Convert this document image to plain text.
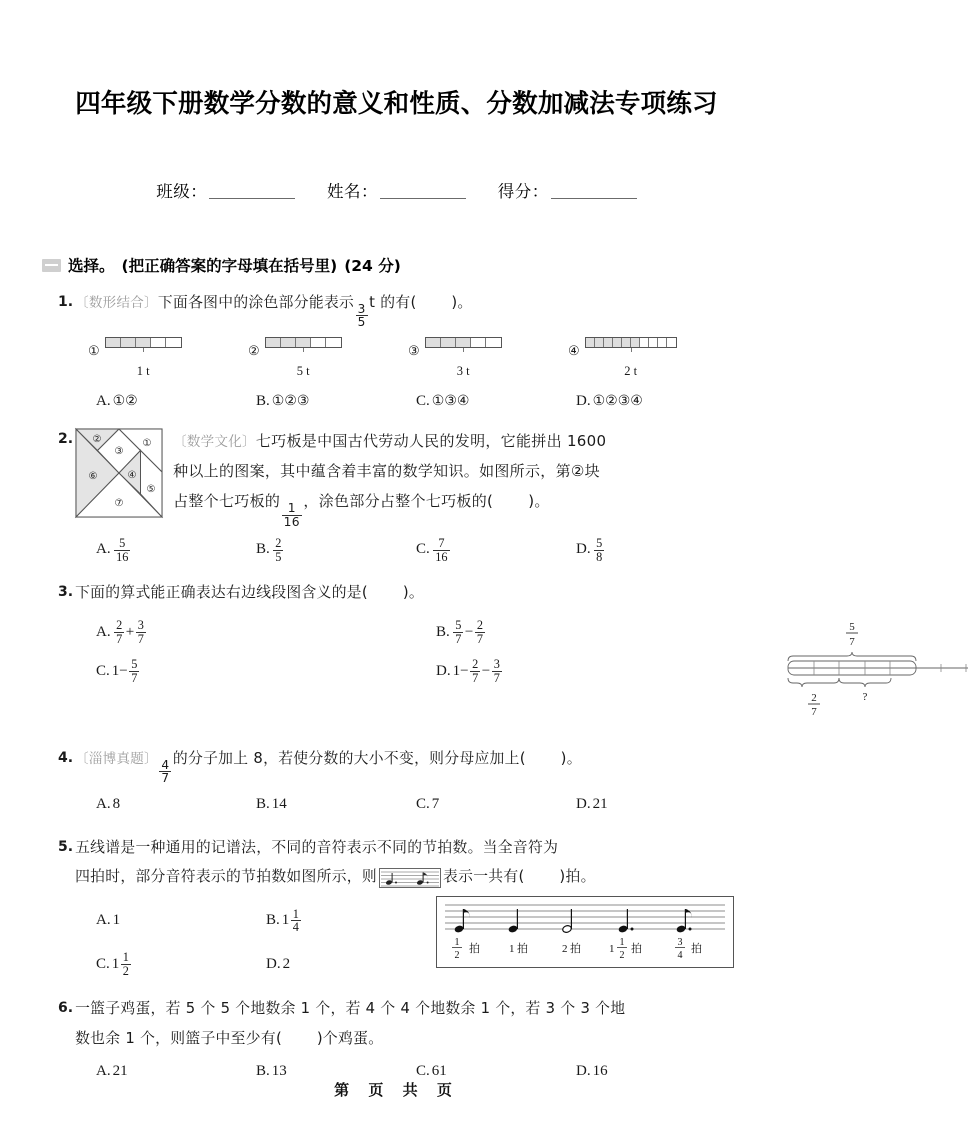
四年级下册数学分数的意义和性质、分数加减法专项练习
班级：	姓名：	得分：
选择。 (把正确答案的字母填在括号里) (24 分)
1. 〔数形结合〕下面各图中的涂色部分能表示
$\frac{3}{5}$
t 的有( )。
①
1 t
②
5 t
③
3 t
④
2 t
A. ①②	B. ①②③	C. ①③④	D. ①②③④
2.	①
②
③
④
⑤
⑥
⑦
〔数学文化〕七巧板是中国古代劳动人民的发明，它能拼出 1600
种以上的图案，其中蕴含着丰富的数学知识。如图所示，第②块
占整个七巧板的
$\frac{1}{16}$
，涂色部分占整个七巧板的( )。
A. $\frac{5}{16}$	B. $\frac{2}{5}$	C. $\frac{7}{16}$	D. $\frac{5}{8}$
3. 下面的算式能正确表达右边线段图含义的是( )。
A. $\frac{2}{7} + \frac{3}{7}$	B. $\frac{5}{7} - \frac{2}{7}$
C. $1 - \frac{5}{7}$	D. $1 - \frac{2}{7} - \frac{3}{7}$
5
7
2
7
?
4. 〔淄博真题〕 $\frac{4}{7}$
的分子加上 8，若使分数的大小不变，则分母应加上( )。
A. 8	B. 14	C. 7	D. 21
5. 五线谱是一种通用的记谱法，不同的音符表示不同的节拍数。当全音符为
四拍时，部分音符表示的节拍数如图所示，则	表示一共有( )拍。
A. 1	B. $1 \frac{1}{4}$
C. $1 \frac{1}{2}$	D. 2
1
2
拍	1 拍	2 拍	1
1
2
拍
3
4
拍
6. 一篮子鸡蛋，若 5 个 5 个地数余 1 个，若 4 个 4 个地数余 1 个，若 3 个 3 个地
数也余 1 个，则篮子中至少有( )个鸡蛋。
A. 21	B. 13	C. 61	D. 16
第 页 共 页
